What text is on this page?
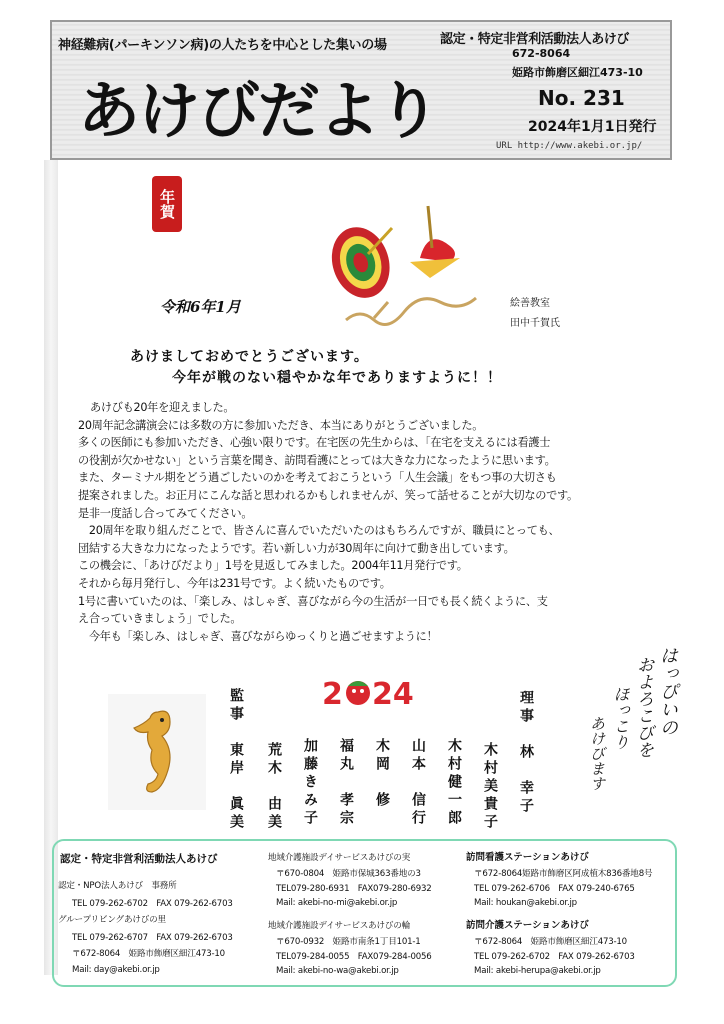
神経難病(パーキンソン病)の人たちを中心とした集いの場	認定・特定非営利活動法人あけび
672-8064
姫路市飾磨区細江473-10
あけびだより	No. 231
2024年1月1日発行
URL http://www.akebi.or.jp/
年賀
令和6年1月	絵善教室
田中千賀氏
あけましておめでとうございます。
今年が戦のない穏やかな年でありますように！！

あけびも20年を迎えました。

20周年記念講演会には多数の方に参加いただき、本当にありがとうございました。

多くの医師にも参加いただき、心強い限りです。在宅医の先生からは、「在宅を支えるには看護士

の役割が欠かせない」という言葉を聞き、訪問看護にとっては大きな力になったように思います。

また、ターミナル期をどう過ごしたいのかを考えておこうという「人生会議」をもつ事の大切さも

提案されました。お正月にこんな話と思われるかもしれませんが、笑って話せることが大切なのです。

是非一度話し合ってみてください。

　20周年を取り組んだことで、皆さんに喜んでいただいたのはもちろんですが、職員にとっても、

団結する大きな力になったようです。若い新しい力が30周年に向けて動き出しています。

この機会に、「あけびだより」1号を見返してみました。2004年11月発行です。

それから毎月発行し、今年は231号です。よく続いたものです。

1号に書いていたのは、「楽しみ、はしゃぎ、喜びながら今の生活が一日でも長く続くように、支

え合っていきましょう」でした。

　今年も「楽しみ、はしゃぎ、喜びながらゆっくりと過ごせますように！

2 24	理事
林　幸子
木村美貴子
木村健一郎
山本　信行
木岡　修
福丸　孝宗
加藤きみ子
荒木　由美
東岸　眞美
監事	はっぴいの
およろこびを
ほっこり
あけびます
認定・特定非営利活動法人あけび
認定・NPO法人あけび　事務所
TEL 079-262-6702　FAX 079-262-6703
グループリビングあけびの里
TEL 079-262-6707　FAX 079-262-6703
〒672-8064　姫路市飾磨区細江473-10
Mail: day@akebi.or.jp
地域介護施設デイサービスあけびの実
〒670-0804　姫路市保城363番地の3
TEL079-280-6931　FAX079-280-6932
Mail: akebi-no-mi@akebi.or.jp
地域介護施設デイサービスあけびの輪
〒670-0932　姫路市南条1丁目101-1
TEL079-284-0055　FAX079-284-0056
Mail: akebi-no-wa@akebi.or.jp
訪問看護ステーションあけび
〒672-8064姫路市飾磨区阿成植木836番地8号
TEL 079-262-6706　FAX 079-240-6765
Mail: houkan@akebi.or.jp
訪問介護ステーションあけび
〒672-8064　姫路市飾磨区細江473-10
TEL 079-262-6702　FAX 079-262-6703
Mail: akebi-herupa@akebi.or.jp
